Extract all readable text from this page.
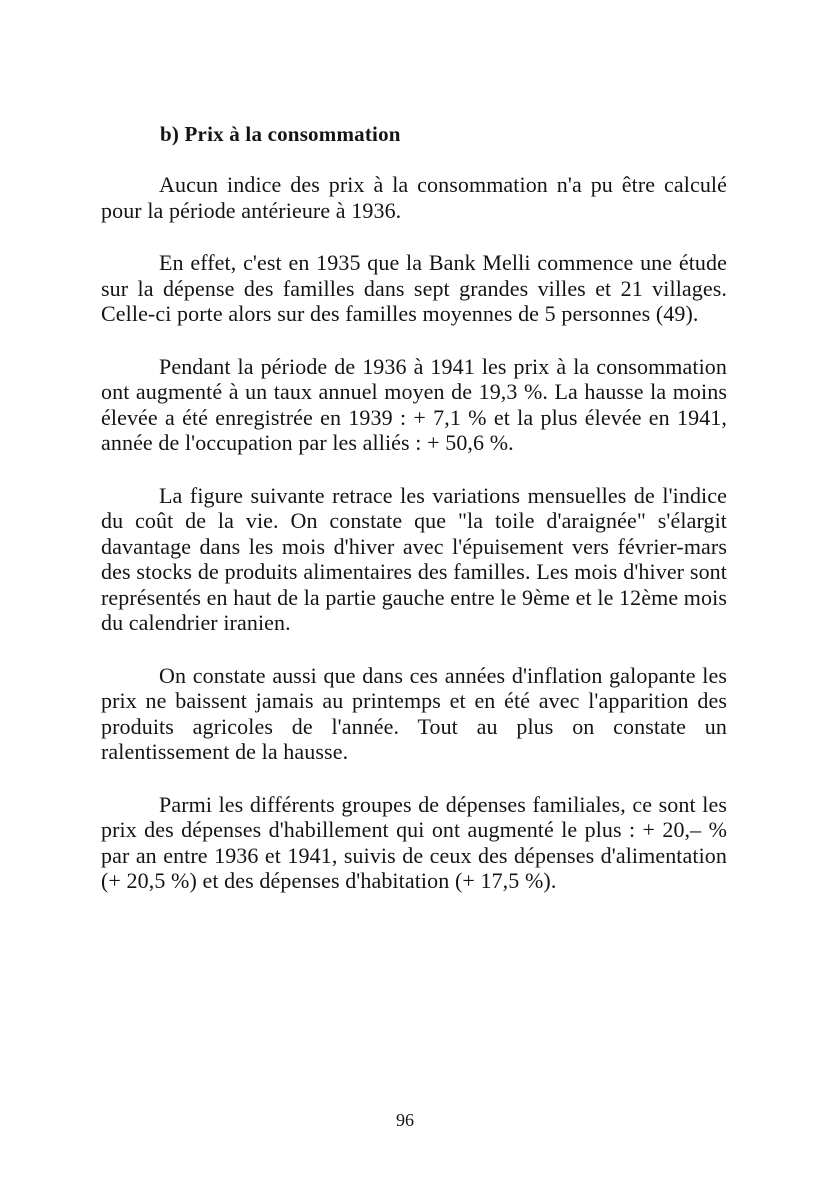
b) Prix à la consommation

Aucun indice des prix à la consommation n'a pu être calculé pour la période antérieure à 1936.

En effet, c'est en 1935 que la Bank Melli commence une étude sur la dépense des familles dans sept grandes villes et 21 villages. Celle-ci porte alors sur des familles moyennes de 5 personnes (49).

Pendant la période de 1936 à 1941 les prix à la consommation ont augmenté à un taux annuel moyen de 19,3 %. La hausse la moins élevée a été enregistrée en 1939 : + 7,1 % et la plus élevée en 1941, année de l'occupation par les alliés : + 50,6 %.

La figure suivante retrace les variations mensuelles de l'indice du coût de la vie. On constate que "la toile d'araignée" s'élargit davantage dans les mois d'hiver avec l'épuisement vers février-mars des stocks de produits alimentaires des familles. Les mois d'hiver sont représentés en haut de la partie gauche entre le 9ème et le 12ème mois du calendrier iranien.

On constate aussi que dans ces années d'inflation galopante les prix ne baissent jamais au printemps et en été avec l'apparition des produits agricoles de l'année. Tout au plus on constate un ralentissement de la hausse.

Parmi les différents groupes de dépenses familiales, ce sont les prix des dépenses d'habillement qui ont augmenté le plus : + 20,– % par an entre 1936 et 1941, suivis de ceux des dépenses d'alimentation (+ 20,5 %) et des dépenses d'habitation (+ 17,5 %).

96
